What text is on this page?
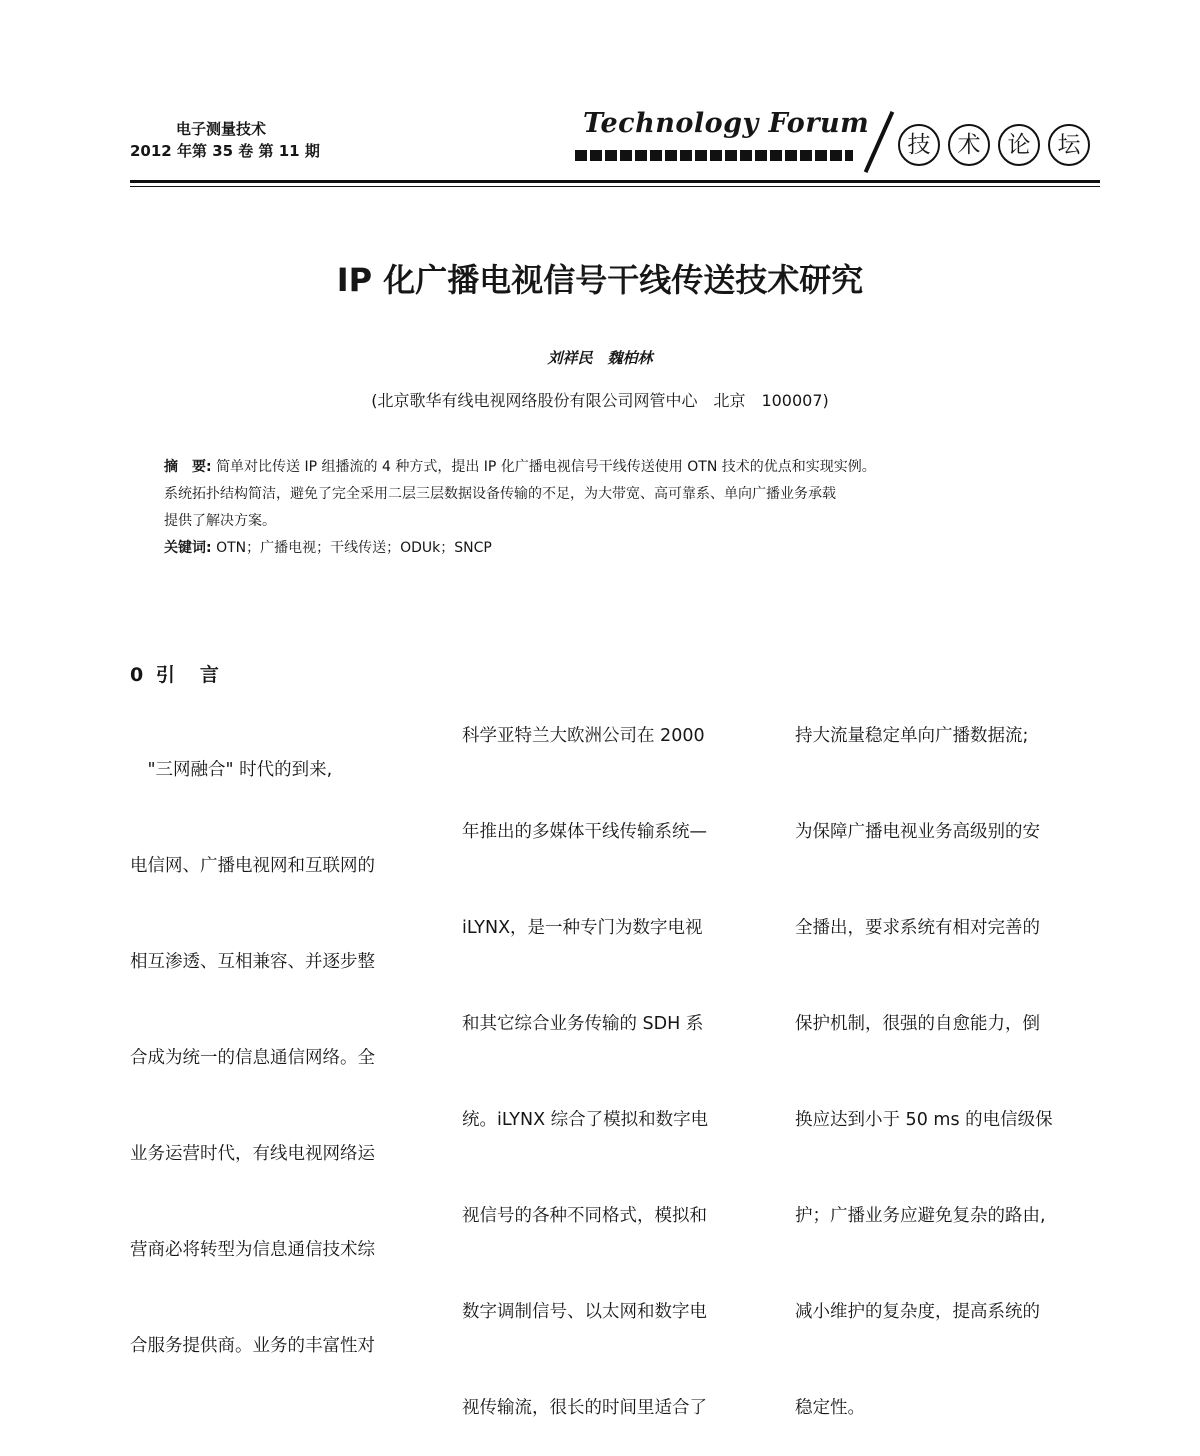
电子测量技术
2012 年第 35 卷 第 11 期
Technology Forum
技	术	论	坛
IP 化广播电视信号干线传送技术研究
刘祥民　魏柏林
(北京歌华有线电视网络股份有限公司网管中心　北京　100007)

摘　要: 简单对比传送 IP 组播流的 4 种方式，提出 IP 化广播电视信号干线传送使用 OTN 技术的优点和实现实例。

系统拓扑结构简洁，避免了完全采用二层三层数据设备传输的不足，为大带宽、高可靠系、单向广播业务承载

提供了解决方案。

关键词: OTN；广播电视；干线传送；ODUk；SNCP

0 引　言

　"三网融合" 时代的到来,

电信网、广播电视网和互联网的

相互渗透、互相兼容、并逐步整

合成为统一的信息通信网络。全

业务运营时代，有线电视网络运

营商必将转型为信息通信技术综

合服务提供商。业务的丰富性对

科学亚特兰大欧洲公司在 2000

年推出的多媒体干线传输系统—

iLYNX，是一种专门为数字电视

和其它综合业务传输的 SDH 系

统。iLYNX 综合了模拟和数字电

视信号的各种不同格式，模拟和

数字调制信号、以太网和数字电

视传输流，很长的时间里适合了

持大流量稳定单向广播数据流;

为保障广播电视业务高级别的安

全播出，要求系统有相对完善的

保护机制，很强的自愈能力，倒

换应达到小于 50 ms 的电信级保

护；广播业务应避免复杂的路由,

减小维护的复杂度，提高系统的

稳定性。
